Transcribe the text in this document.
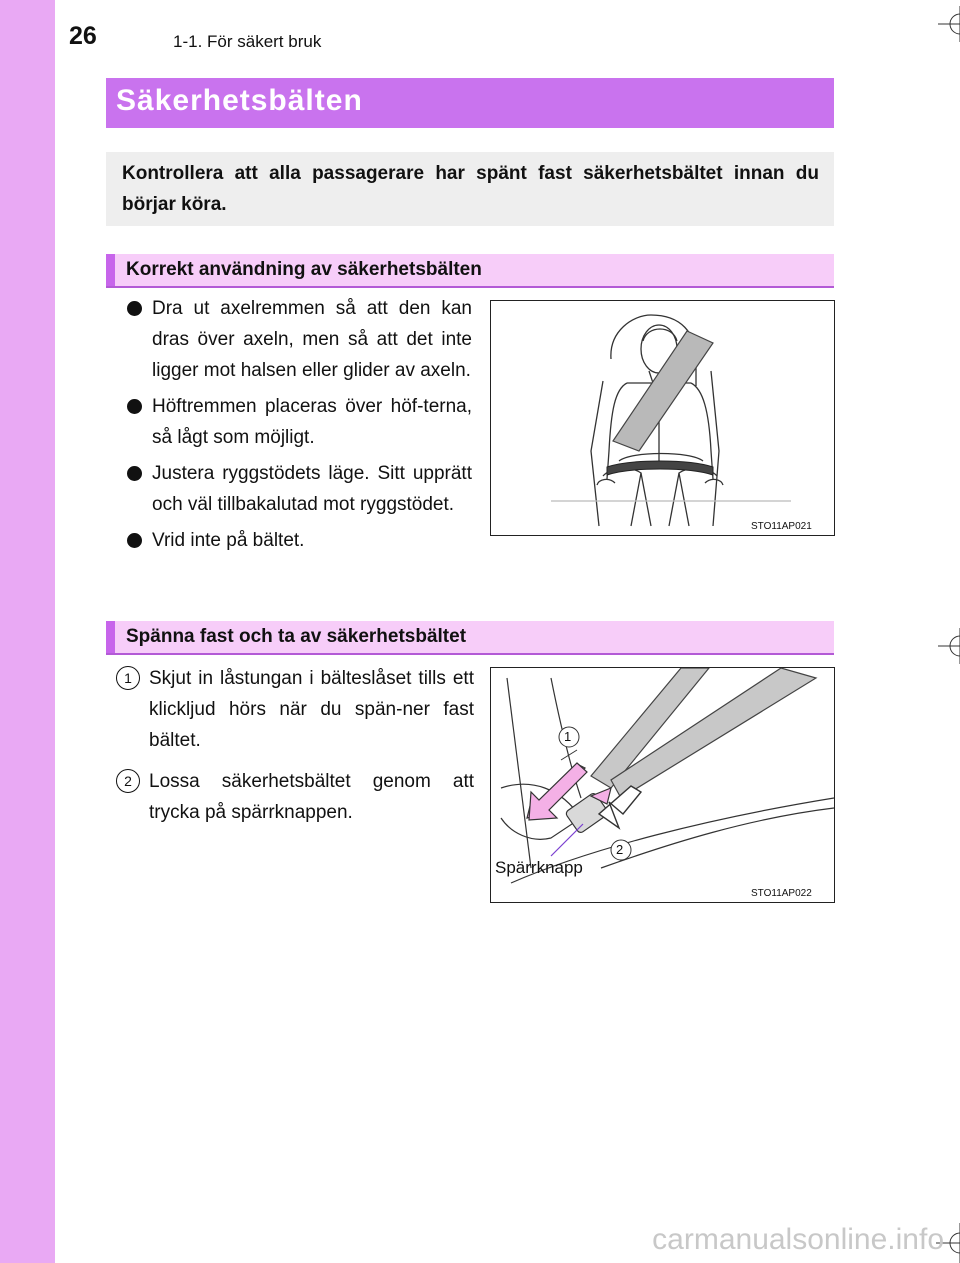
26	1-1. För säkert bruk
Säkerhetsbälten
Kontrollera att alla passagerare har spänt fast säkerhetsbältet innan du börjar köra.
Korrekt användning av säkerhetsbälten
Dra ut axelremmen så att den kan dras över axeln, men så att det inte ligger mot halsen eller glider av axeln.
Höftremmen placeras över höf-terna, så lågt som möjligt.
Justera ryggstödets läge. Sitt upprätt och väl tillbakalutad mot ryggstödet.
Vrid inte på bältet.
STO11AP021
Spänna fast och ta av säkerhetsbältet
1 Skjut in låstungan i bälteslåset tills ett klickljud hörs när du spän-ner fast bältet.
2 Lossa säkerhetsbältet genom att trycka på spärrknappen.
1
2
Spärrknapp
STO11AP022
carmanualsonline.info
